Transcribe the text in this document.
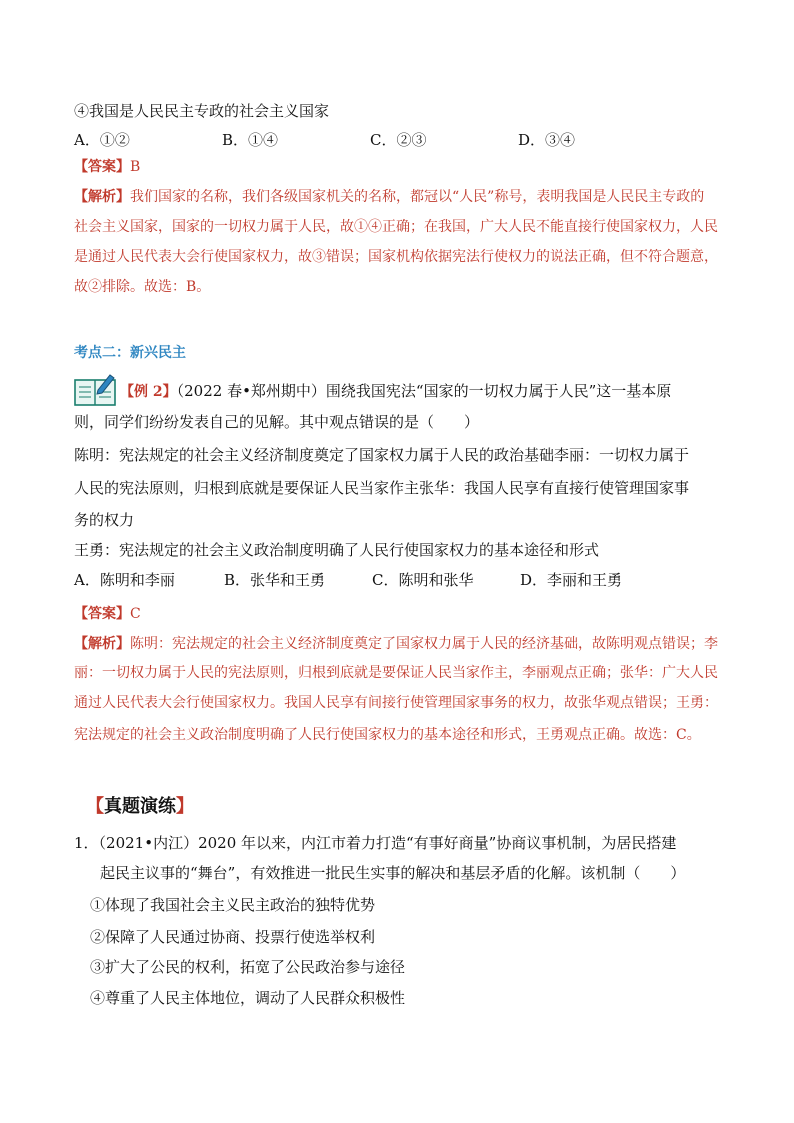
④我国是人民民主专政的社会主义国家
A．①②	B．①④	C．②③	D．③④
【答案】B
【解析】我们国家的名称，我们各级国家机关的名称，都冠以“人民”称号，表明我国是人民民主专政的
社会主义国家，国家的一切权力属于人民，故①④正确；在我国，广大人民不能直接行使国家权力，人民
是通过人民代表大会行使国家权力，故③错误；国家机构依据宪法行使权力的说法正确，但不符合题意，
故②排除。故选：B。
考点二：新兴民主
【例 2】（2022 春•郑州期中）围绕我国宪法“国家的一切权力属于人民”这一基本原
则，同学们纷纷发表自己的见解。其中观点错误的是（　　）
陈明：宪法规定的社会主义经济制度奠定了国家权力属于人民的政治基础李丽：一切权力属于
人民的宪法原则，归根到底就是要保证人民当家作主张华：我国人民享有直接行使管理国家事
务的权力
王勇：宪法规定的社会主义政治制度明确了人民行使国家权力的基本途径和形式
A．陈明和李丽	B．张华和王勇	C．陈明和张华	D．李丽和王勇
【答案】C
【解析】陈明：宪法规定的社会主义经济制度奠定了国家权力属于人民的经济基础，故陈明观点错误；李
丽：一切权力属于人民的宪法原则，归根到底就是要保证人民当家作主，李丽观点正确；张华：广大人民
通过人民代表大会行使国家权力。我国人民享有间接行使管理国家事务的权力，故张华观点错误；王勇：
宪法规定的社会主义政治制度明确了人民行使国家权力的基本途径和形式，王勇观点正确。故选：C。
【真题演练】
1．（2021•内江）2020 年以来，内江市着力打造“有事好商量”协商议事机制，为居民搭建
起民主议事的“舞台”，有效推进一批民生实事的解决和基层矛盾的化解。该机制（　　）
①体现了我国社会主义民主政治的独特优势
②保障了人民通过协商、投票行使选举权利
③扩大了公民的权利，拓宽了公民政治参与途径
④尊重了人民主体地位，调动了人民群众积极性
